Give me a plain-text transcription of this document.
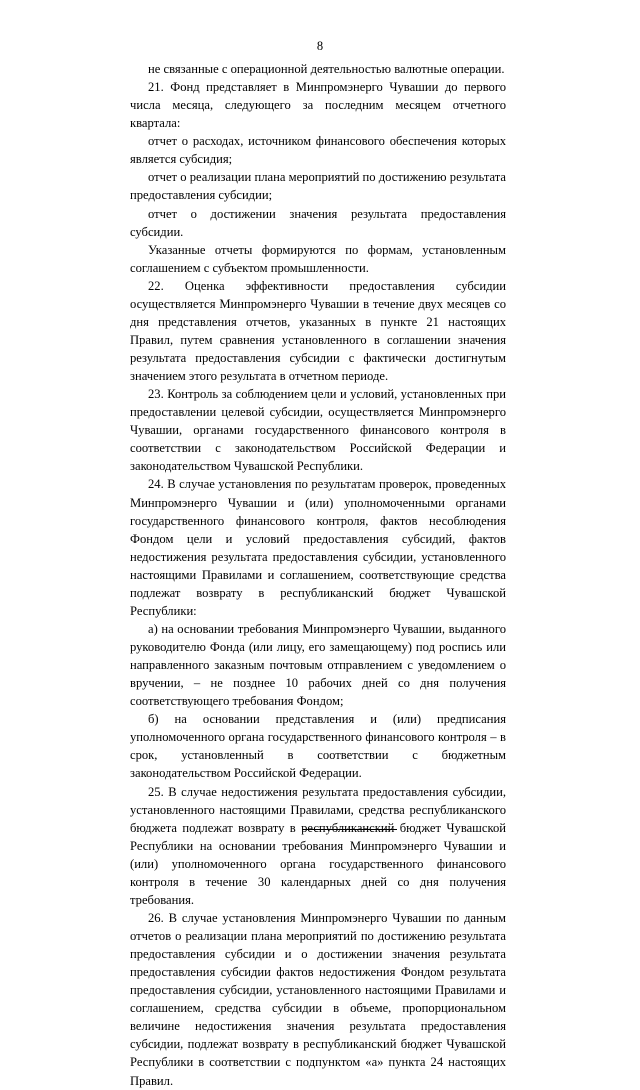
8

не связанные с операционной деятельностью валютные операции.

21. Фонд представляет в Минпромэнерго Чувашии до первого числа месяца, следующего за последним месяцем отчетного квартала:

отчет о расходах, источником финансового обеспечения которых является субсидия;

отчет о реализации плана мероприятий по достижению результата предоставления субсидии;

отчет о достижении значения результата предоставления субсидии.

Указанные отчеты формируются по формам, установленным соглашением с субъектом промышленности.

22. Оценка эффективности предоставления субсидии осуществляется Минпромэнерго Чувашии в течение двух месяцев со дня представления отчетов, указанных в пункте 21 настоящих Правил, путем сравнения установленного в соглашении значения результата предоставления субсидии с фактически достигнутым значением этого результата в отчетном периоде.

23. Контроль за соблюдением цели и условий, установленных при предоставлении целевой субсидии, осуществляется Минпромэнерго Чувашии, органами государственного финансового контроля в соответствии с законодательством Российской Федерации и законодательством Чувашской Республики.

24. В случае установления по результатам проверок, проведенных Минпромэнерго Чувашии и (или) уполномоченными органами государственного финансового контроля, фактов несоблюдения Фондом цели и условий предоставления субсидий, фактов недостижения результата предоставления субсидии, установленного настоящими Правилами и соглашением, соответствующие средства подлежат возврату в республиканский бюджет Чувашской Республики:

а) на основании требования Минпромэнерго Чувашии, выданного руководителю Фонда (или лицу, его замещающему) под роспись или направленного заказным почтовым отправлением с уведомлением о вручении, – не позднее 10 рабочих дней со дня получения соответствующего требования Фондом;

б) на основании представления и (или) предписания уполномоченного органа государственного финансового контроля – в срок, установленный в соответствии с бюджетным законодательством Российской Федерации.

25. В случае недостижения результата предоставления субсидии, установленного настоящими Правилами, средства республиканского бюджета подлежат возврату в республиканский бюджет Чувашской Республики на основании требования Минпромэнерго Чувашии и (или) уполномоченного органа государственного финансового контроля в течение 30 календарных дней со дня получения требования.

26. В случае установления Минпромэнерго Чувашии по данным отчетов о реализации плана мероприятий по достижению результата предоставления субсидии и о достижении значения результата предоставления субсидии фактов недостижения Фондом результата предоставления субсидии, установленного настоящими Правилами и соглашением, средства субсидии в объеме, пропорциональном величине недостижения значения результата предоставления субсидии, подлежат возврату в республиканский бюджет Чувашской Республики в соответствии с подпунктом «а» пункта 24 настоящих Правил.
